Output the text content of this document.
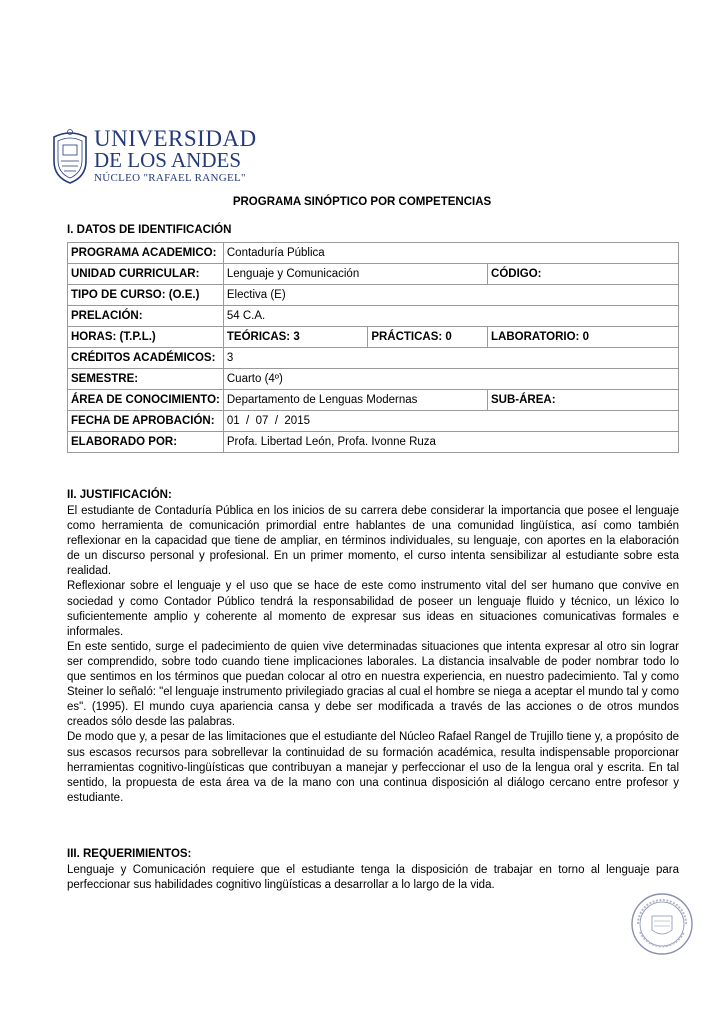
UNIVERSIDAD
DE LOS ANDES
NÚCLEO "RAFAEL RANGEL"
PROGRAMA SINÓPTICO POR COMPETENCIAS
I. DATOS DE IDENTIFICACIÓN
PROGRAMA ACADEMICO:	Contaduría Pública		
UNIDAD CURRICULAR:	Lenguaje y Comunicación		CÓDIGO:
TIPO DE CURSO: (O.E.)	Electiva (E)		
PRELACIÓN:	54 C.A.		
HORAS: (T.P.L.)	TEÓRICAS: 3	PRÁCTICAS: 0	LABORATORIO: 0
CRÉDITOS ACADÉMICOS:	3		
SEMESTRE:	Cuarto (4º)		
ÁREA DE CONOCIMIENTO:	Departamento de Lenguas Modernas		SUB-ÁREA:
FECHA DE APROBACIÓN:	01  /  07  /  2015		
ELABORADO POR:	Profa. Libertad León, Profa. Ivonne Ruza		
II. JUSTIFICACIÓN:

El estudiante de Contaduría Pública en los inicios de su carrera debe considerar la importancia que posee el lenguaje como herramienta de comunicación primordial entre hablantes de una comunidad lingüística, así como también reflexionar en la capacidad que tiene de ampliar, en términos individuales, su lenguaje, con aportes en la elaboración de un discurso personal y profesional. En un primer momento, el curso intenta sensibilizar al estudiante sobre esta realidad.

Reflexionar sobre el lenguaje y el uso que se hace de este como instrumento vital del ser humano que convive en sociedad y como Contador Público tendrá la responsabilidad de poseer un lenguaje fluido y técnico, un léxico lo suficientemente amplio y coherente al momento de expresar sus ideas en situaciones comunicativas formales e informales.

En este sentido, surge el padecimiento de quien vive determinadas situaciones que intenta expresar al otro sin lograr ser comprendido, sobre todo cuando tiene implicaciones laborales. La distancia insalvable de poder nombrar todo lo que sentimos en los términos que puedan colocar al otro en nuestra experiencia, en nuestro padecimiento. Tal y como Steiner lo señaló: "el lenguaje instrumento privilegiado gracias al cual el hombre se niega a aceptar el mundo tal y como es". (1995). El mundo cuya apariencia cansa y debe ser modificada a través de las acciones o de otros mundos creados sólo desde las palabras.

De modo que y, a pesar de las limitaciones que el estudiante del Núcleo Rafael Rangel de Trujillo tiene y, a propósito de sus escasos recursos para sobrellevar la continuidad de su formación académica, resulta indispensable proporcionar herramientas cognitivo-lingüísticas que contribuyan a manejar y perfeccionar el uso de la lengua oral y escrita. En tal sentido, la propuesta de esta área va de la mano con una continua disposición al diálogo cercano entre profesor y estudiante.

III. REQUERIMIENTOS:

Lenguaje y Comunicación requiere que el estudiante tenga la disposición de trabajar en torno al lenguaje para perfeccionar sus habilidades cognitivo lingüísticas a desarrollar a lo largo de la vida.
